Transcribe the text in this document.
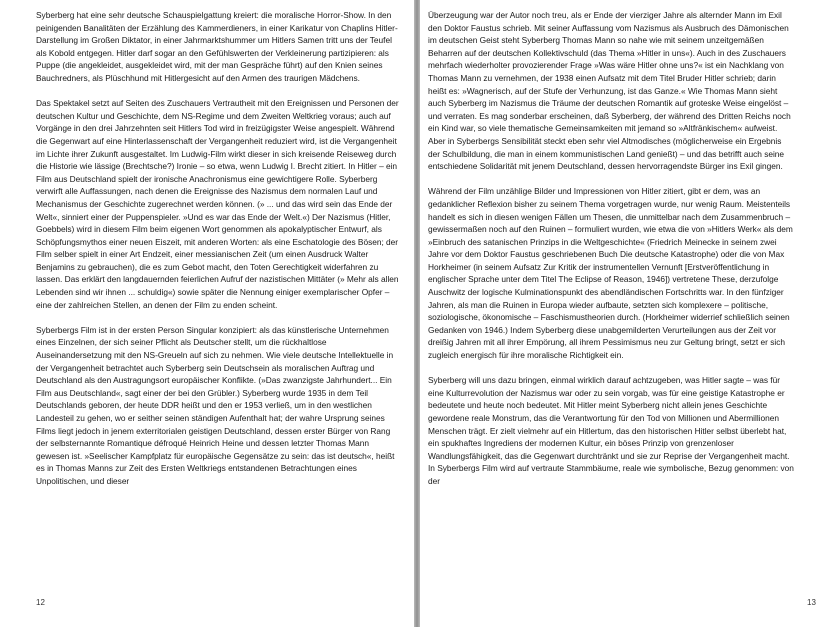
Syberberg hat eine sehr deutsche Schauspielgattung kreiert: die moralische Horror-Show. In den peinigenden Banalitäten der Erzählung des Kammerdieners, in einer Karikatur von Chaplins Hitler-Darstellung im Großen Diktator, in einer Jahrmarktshummer um Hitlers Samen tritt uns der Teufel als Kobold entgegen. Hitler darf sogar an den Gefühlswerten der Verkleinerung partizipieren: als Puppe (die angekleidet, ausgekleidet wird, mit der man Gespräche führt) auf den Knien seines Bauchredners, als Plüschhund mit Hitlergesicht auf den Armen des traurigen Mädchens.

Das Spektakel setzt auf Seiten des Zuschauers Vertrautheit mit den Ereignissen und Personen der deutschen Kultur und Geschichte, dem NS-Regime und dem Zweiten Weltkrieg voraus; auch auf Vorgänge in den drei Jahrzehnten seit Hitlers Tod wird in freizügigster Weise angespielt. Während die Gegenwart auf eine Hinterlassenschaft der Vergangenheit reduziert wird, ist die Vergangenheit im Lichte ihrer Zukunft ausgestaltet. Im Ludwig-Film wirkt dieser in sich kreisende Reiseweg durch die Historie wie lässige (Brechtsche?) Ironie – so etwa, wenn Ludwig I. Brecht zitiert. In Hitler – ein Film aus Deutschland spielt der ironische Anachronismus eine gewichtigere Rolle. Syberberg verwirft alle Auffassungen, nach denen die Ereignisse des Nazismus dem normalen Lauf und Mechanismus der Geschichte zugerechnet werden können. (» ... und das wird sein das Ende der Welt«, sinniert einer der Puppenspieler. »Und es war das Ende der Welt.«) Der Nazismus (Hitler, Goebbels) wird in diesem Film beim eigenen Wort genommen als apokalyptischer Entwurf, als Schöpfungsmythos einer neuen Eiszeit, mit anderen Worten: als eine Eschatologie des Bösen; der Film selber spielt in einer Art Endzeit, einer messianischen Zeit (um einen Ausdruck Walter Benjamins zu gebrauchen), die es zum Gebot macht, den Toten Gerechtigkeit widerfahren zu lassen. Das erklärt den langdauernden feierlichen Aufruf der nazistischen Mittäter (» Mehr als allen Lebenden sind wir ihnen ... schuldig«) sowie später die Nennung einiger exemplarischer Opfer – eine der zahlreichen Stellen, an denen der Film zu enden scheint.

Syberbergs Film ist in der ersten Person Singular konzipiert: als das künstlerische Unternehmen eines Einzelnen, der sich seiner Pflicht als Deutscher stellt, um die rückhaltlose Auseinandersetzung mit den NS-Greueln auf sich zu nehmen. Wie viele deutsche Intellektuelle in der Vergangenheit betrachtet auch Syberberg sein Deutschsein als moralischen Auftrag und Deutschland als den Austragungsort europäischer Konflikte. (»Das zwanzigste Jahrhundert... Ein Film aus Deutschland«, sagt einer der bei den Grübler.) Syberberg wurde 1935 in dem Teil Deutschlands geboren, der heute DDR heißt und den er 1953 verließ, um in den westlichen Landesteil zu gehen, wo er seither seinen ständigen Aufenthalt hat; der wahre Ursprung seines Films liegt jedoch in jenem exterritorialen geistigen Deutschland, dessen erster Bürger von Rang der selbsternannte Romantique défroqué Heinrich Heine und dessen letzter Thomas Mann gewesen ist. »Seelischer Kampfplatz für europäische Gegensätze zu sein: das ist deutsch«, heißt es in Thomas Manns zur Zeit des Ersten Weltkriegs entstandenen Betrachtungen eines Unpolitischen, und dieser

12

Überzeugung war der Autor noch treu, als er Ende der vierziger Jahre als alternder Mann im Exil den Doktor Faustus schrieb. Mit seiner Auffassung vom Nazismus als Ausbruch des Dämonischen im deutschen Geist steht Syberberg Thomas Mann so nahe wie mit seinem unzeitgemäßen Beharren auf der deutschen Kollektivschuld (das Thema »Hitler in uns«). Auch in des Zuschauers mehrfach wiederholter provozierender Frage »Was wäre Hitler ohne uns?« ist ein Nachklang von Thomas Mann zu vernehmen, der 1938 einen Aufsatz mit dem Titel Bruder Hitler schrieb; darin heißt es: »Wagnerisch, auf der Stufe der Verhunzung, ist das Ganze.« Wie Thomas Mann sieht auch Syberberg im Nazismus die Träume der deutschen Romantik auf groteske Weise eingelöst – und verraten. Es mag sonderbar erscheinen, daß Syberberg, der während des Dritten Reichs noch ein Kind war, so viele thematische Gemeinsamkeiten mit jemand so »Altfränkischem« aufweist. Aber in Syberbergs Sensibilität steckt eben sehr viel Altmodisches (möglicherweise ein Ergebnis der Schulbildung, die man in einem kommunistischen Land genießt) – und das betrifft auch seine entschiedene Solidarität mit jenem Deutschland, dessen hervorragendste Bürger ins Exil gingen.

Während der Film unzählige Bilder und Impressionen von Hitler zitiert, gibt er dem, was an gedanklicher Reflexion bisher zu seinem Thema vorgetragen wurde, nur wenig Raum. Meistenteils handelt es sich in diesen wenigen Fällen um Thesen, die unmittelbar nach dem Zusammenbruch – gewissermaßen noch auf den Ruinen – formuliert wurden, wie etwa die von »Hitlers Werk« als dem »Einbruch des satanischen Prinzips in die Weltgeschichte« (Friedrich Meinecke in seinem zwei Jahre vor dem Doktor Faustus geschriebenen Buch Die deutsche Katastrophe) oder die von Max Horkheimer (in seinem Aufsatz Zur Kritik der instrumentellen Vernunft [Erstveröffentlichung in englischer Sprache unter dem Titel The Eclipse of Reason, 1946]) vertretene These, derzufolge Auschwitz der logische Kulminationspunkt des abendländischen Fortschritts war. In den fünfziger Jahren, als man die Ruinen in Europa wieder aufbaute, setzten sich komplexere – politische, soziologische, ökonomische – Faschismustheorien durch. (Horkheimer widerrief schließlich seinen Gedanken von 1946.) Indem Syberberg diese unabgemilderten Verurteilungen aus der Zeit vor dreißig Jahren mit all ihrer Empörung, all ihrem Pessimismus neu zur Geltung bringt, setzt er sich zugleich energisch für ihre moralische Richtigkeit ein.

Syberberg will uns dazu bringen, einmal wirklich darauf achtzugeben, was Hitler sagte – was für eine Kulturrevolution der Nazismus war oder zu sein vorgab, was für eine geistige Katastrophe er bedeutete und heute noch bedeutet. Mit Hitler meint Syberberg nicht allein jenes Geschichte gewordene reale Monstrum, das die Verantwortung für den Tod von Millionen und Abermillionen Menschen trägt. Er zielt vielmehr auf ein Hitlertum, das den historischen Hitler selbst überlebt hat, ein spukhaftes Ingrediens der modernen Kultur, ein böses Prinzip von grenzenloser Wandlungsfähigkeit, das die Gegenwart durchtränkt und sie zur Reprise der Vergangenheit macht. In Syberbergs Film wird auf vertraute Stammbäume, reale wie symbolische, Bezug genommen: von der

13
